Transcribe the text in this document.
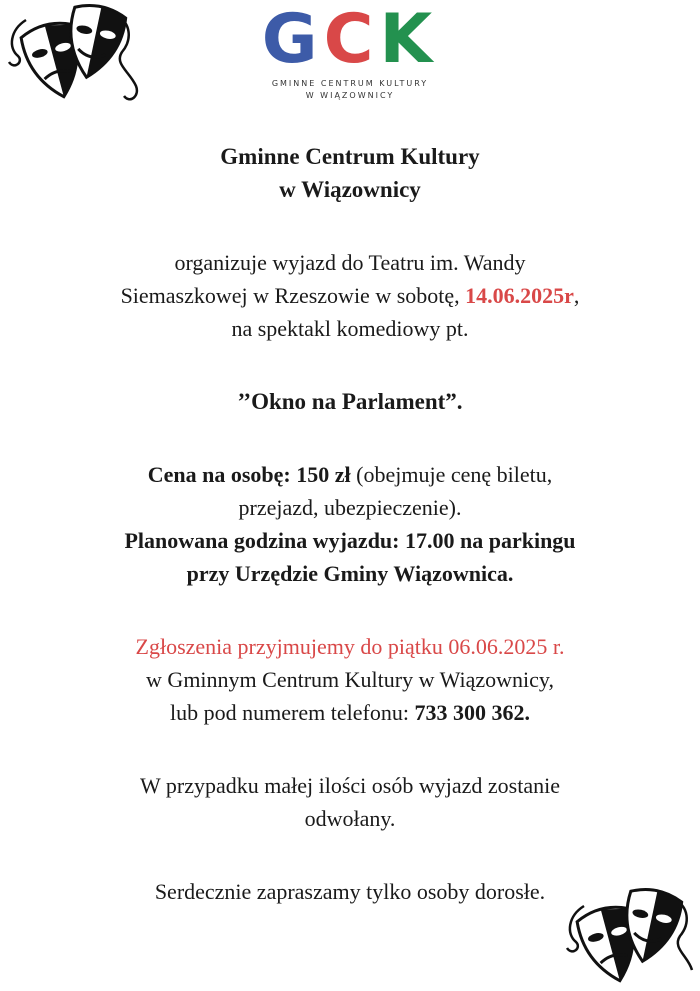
GCK
GMINNE CENTRUM KULTURY
W WIĄZOWNICY

Gminne Centrum Kultury

w Wiązownicy

organizuje wyjazd do Teatru im. Wandy

Siemaszkowej w Rzeszowie w sobotę, 14.06.2025r,

na spektakl komediowy pt.

’’Okno na Parlament”.

Cena na osobę: 150 zł (obejmuje cenę biletu,

przejazd, ubezpieczenie).

Planowana godzina wyjazdu: 17.00 na parkingu

przy Urzędzie Gminy Wiązownica.

Zgłoszenia przyjmujemy do piątku 06.06.2025 r.

w Gminnym Centrum Kultury w Wiązownicy,

lub pod numerem telefonu: 733 300 362.

W przypadku małej ilości osób wyjazd zostanie

odwołany.

Serdecznie zapraszamy tylko osoby dorosłe.
